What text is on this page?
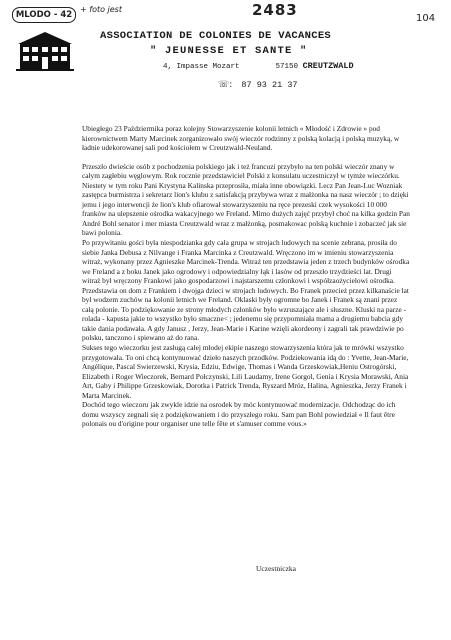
MLODO - 42
+ foto jest	2483	104
ASSOCIATION DE COLONIES DE VACANCES
" JEUNESSE ET SANTE "
4, Impasse Mozart	57150 CREUTZWALD
☏: 87 93 21 37

Ubiegłego 23 Paździermika poraz kolejny Stowarzyszenie kolonii letnich « Młodość i Zdrowie » pod kierownictwem Marty Marcinek zorganizowało swój wieczór rodzinny z polską kolacją i polską muzyką, w ładnie udekorowanej sali pod kościołem w Creutzwald-Neuland.

Przeszło dwieście osób z pochodzenia polskiego jak i też francuzi przybyło na ten polski wieczór znany w całym zagłebiu węglowym. Rok rocznie przedstawiciel Polski z konsulatu uczestniczył w tymże wieczórku. Niestety w tym roku Pani Krystyna Kalinska przeprosiła, miała inne obowiązki. Lecz Pan Jean-Luc Wozniak zastępca burmistrza i sekretarz lion's klubu z satisfakcją przybywa wraz z małżonka na nasz wieczór ; to dzięki jemu i jego interwencji że lion's klub ofiarował stowarzyszeniu na ręce prezeski czek wysokości 10 000 franków na ulepszenie ośrodka wakacyjnego we Freland. Mimo dużych zajęć przybył choć na kilka godzin Pan André Bohl senator i mer miasta Creutzwald wraz z małżonką, posmakowac polską kuchnie i zobaczeć jak sie bawi polonia.

Po przywitaniu gości była niespodzianka gdy cała grupa w strojach ludowych na scenie zebrana, prosiła do siebie Janka Debusa z Nilvange i Franka Marcinka z Creutzwald. Wręczono im w imieniu stowarzyszenia witraż, wykonany przez Agnieszke Marcinek-Trenda. Witraż ten przedstawia jeden z trzech budynków ośrodka we Freland a z boku Janek jako ogrodowy i odpowiedzialny łąk i lasów od przeszło trzydzieści lat. Drugi witraż był wręczony Frankowi jako gospodarzowi i najstarszemu członkowi i współzaożycielowi ośrodka. Przedstawia on dom z Frankiem i dwojga dzieci w strojach ludowych. Bo Franek przecież przez kilkanaście lat był wodzem zuchów na kolonii letnich we Freland. Oklaski były ogromne bo Janek i Franek są znani przez całą polonie. To podziękowanie ze strony młodych członków było wzruszające ale i słuszne. Kluski na parze - rolada - kapusta jakie to wszystko było smaczne< ; jedenemu się przypomniała mama a drugiemu babcia gdy takie dania podawała. A gdy Janusz , Jerzy, Jean-Marie i Karine wzięli akordeony i zagrali tak prawdziwie po polsku, tanczono i spiewano aż do rana.

Sukses tego wieczorku jest zasługą całej młodej ekipie naszego stowarzyszenia która jak te mrówki wszystko przygotowała. To oni chcą kontynuować dzieło naszych przodków. Podziekowania idą do : Yvette, Jean-Marie, Angélique, Pascal Swierzewski, Krysia, Edziu, Edwige, Thomas i Wanda Grzeskowiak,Heniu Ostrogórski, Elizabeth i Roger Wieczorek, Bernard Połczynski, Lili Laudamy, Irene Gorgol, Genia i Krysia Morawski, Ania Art, Gaby i Philippe Grzeskowiak, Dorotka i Patrick Trenda, Ryszard Mróz, Halina, Agnieszka, Jerzy Franek i Marta Marcinek.

Dochód tego wieczoru jak zwykle idzie na osrodek by móc kontynuować modernizacje. Odchodząc do ich domu wszyscy zegnali się z podziękowaniem i do przyszłego roku. Sam pan Bohl powiedział « Il faut être polonais ou d'origine pour organiser une telle fête et s'amuser comme vous.»

Uczestniczka
